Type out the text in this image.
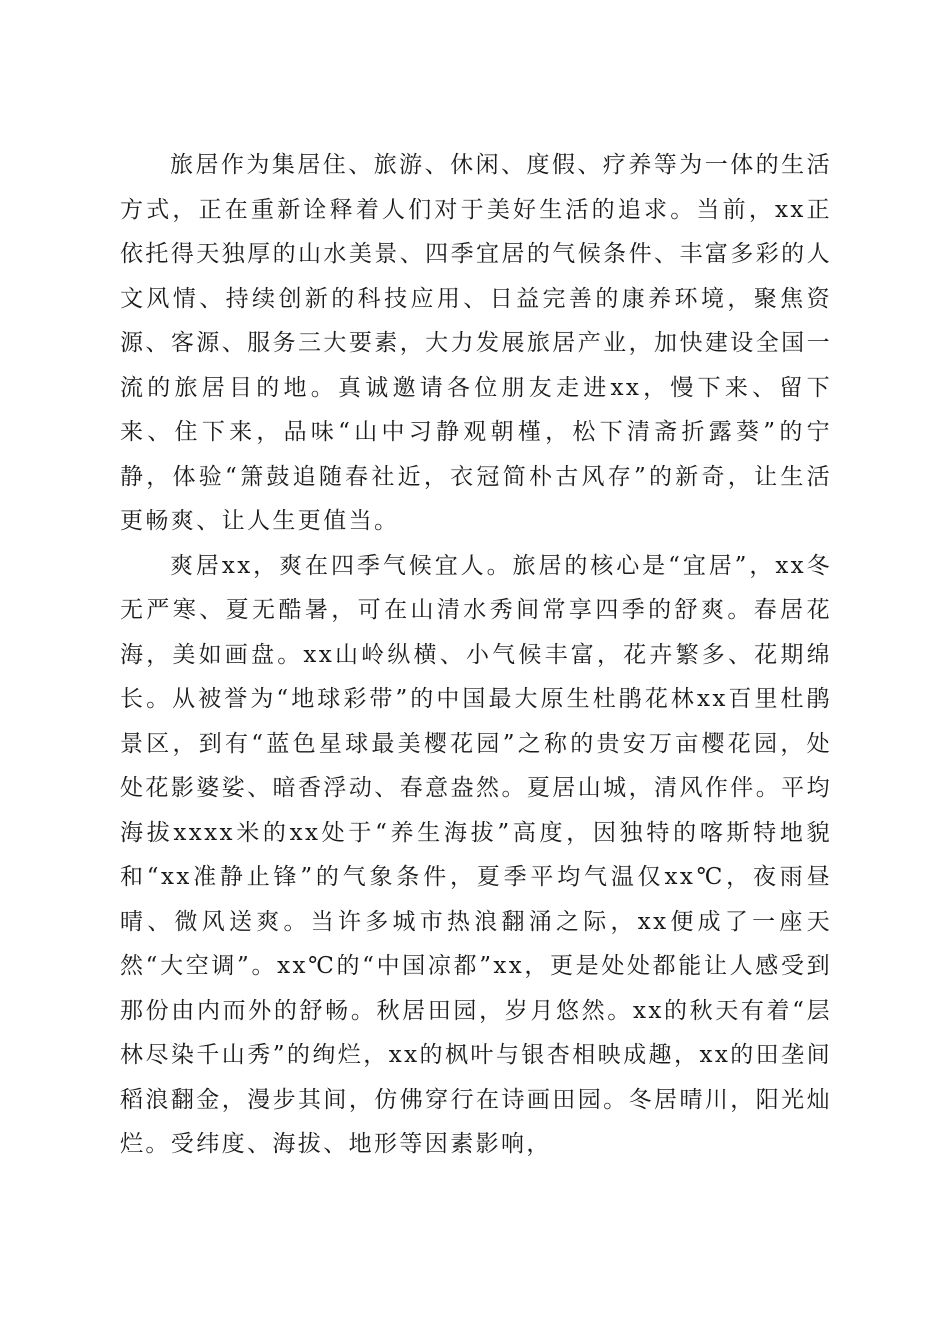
旅居作为集居住、旅游、休闲、度假、疗养等为一体的生活方式，正在重新诠释着人们对于美好生活的追求。当前，xx正依托得天独厚的山水美景、四季宜居的气候条件、丰富多彩的人文风情、持续创新的科技应用、日益完善的康养环境，聚焦资源、客源、服务三大要素，大力发展旅居产业，加快建设全国一流的旅居目的地。真诚邀请各位朋友走进xx，慢下来、留下来、住下来，品味“山中习静观朝槿，松下清斋折露葵”的宁静，体验“箫鼓追随春社近，衣冠简朴古风存”的新奇，让生活更畅爽、让人生更值当。

爽居xx，爽在四季气候宜人。旅居的核心是“宜居”，xx冬无严寒、夏无酷暑，可在山清水秀间常享四季的舒爽。春居花海，美如画盘。xx山岭纵横、小气候丰富，花卉繁多、花期绵长。从被誉为“地球彩带”的中国最大原生杜鹃花林xx百里杜鹃景区，到有“蓝色星球最美樱花园”之称的贵安万亩樱花园，处处花影婆娑、暗香浮动、春意盎然。夏居山城，清风作伴。平均海拔xxxx米的xx处于“养生海拔”高度，因独特的喀斯特地貌和“xx准静止锋”的气象条件，夏季平均气温仅xx℃，夜雨昼晴、微风送爽。当许多城市热浪翻涌之际，xx便成了一座天然“大空调”。xx℃的“中国凉都”xx，更是处处都能让人感受到那份由内而外的舒畅。秋居田园，岁月悠然。xx的秋天有着“层林尽染千山秀”的绚烂，xx的枫叶与银杏相映成趣，xx的田垄间稻浪翻金，漫步其间，仿佛穿行在诗画田园。冬居晴川，阳光灿烂。受纬度、海拔、地形等因素影响，
